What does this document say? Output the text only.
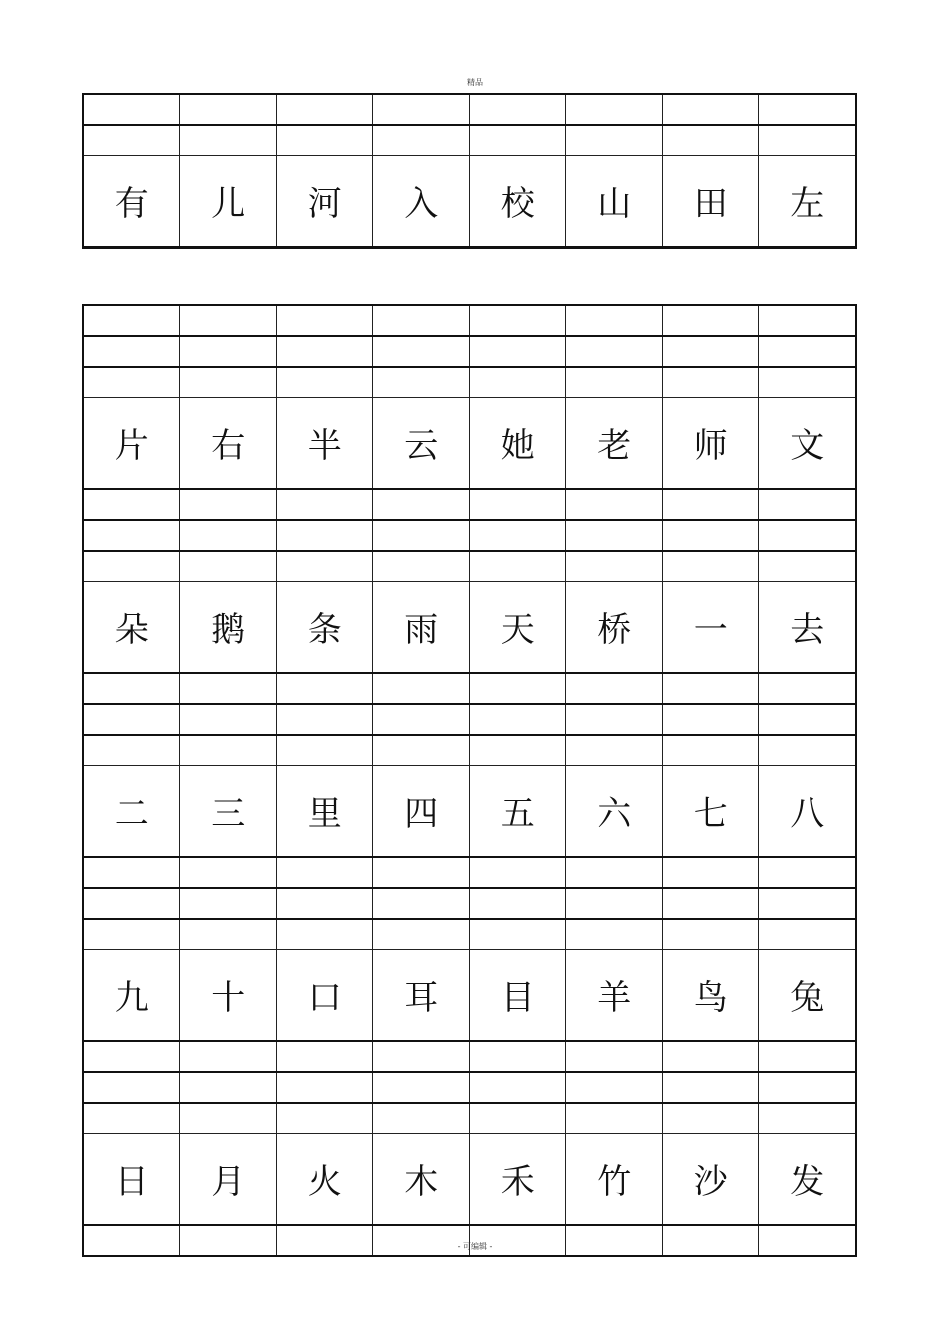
精品

有	儿	河	入	校	山	田	左

片	右	半	云	她	老	师	文

朵	鹅	条	雨	天	桥	一	去

二	三	里	四	五	六	七	八

九	十	口	耳	目	羊	鸟	兔

日	月	火	木	禾	竹	沙	发

- 可编辑 -
